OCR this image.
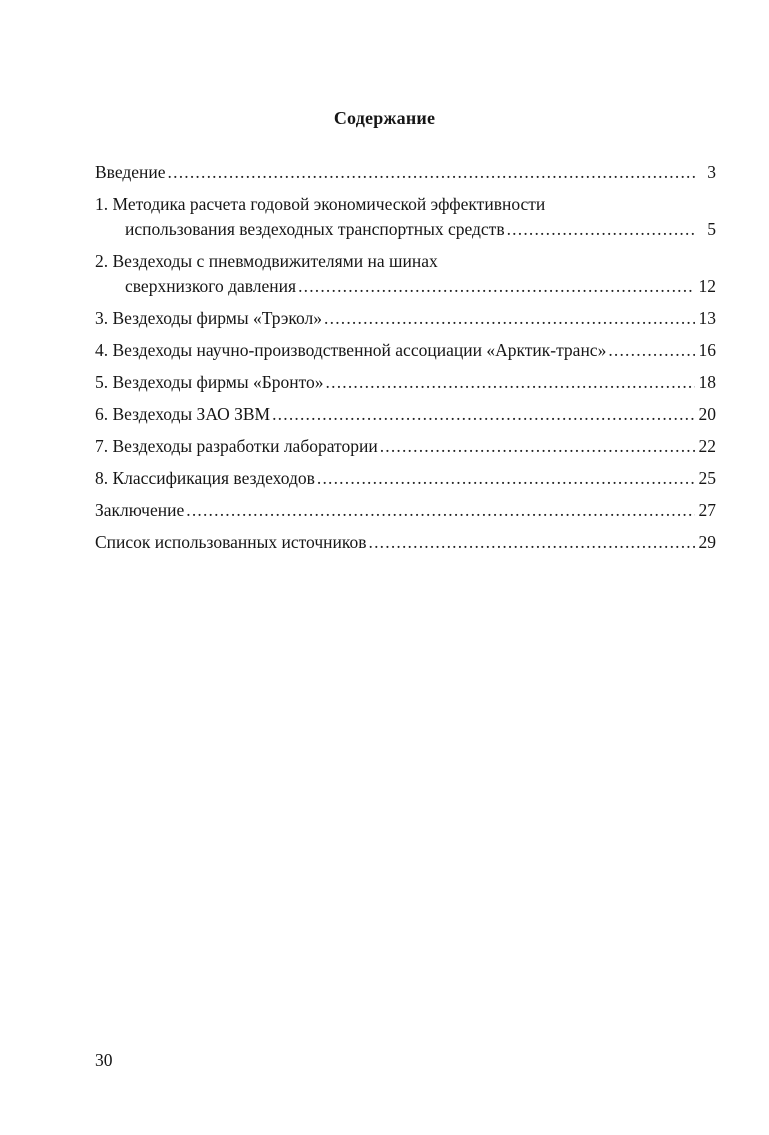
Содержание
Введение .....	3
1. Методика расчета годовой экономической эффективности
использования вездеходных транспортных средств .....	5
2. Вездеходы с пневмодвижителями на шинах
сверхнизкого давления .....	12
3. Вездеходы фирмы «Трэкол» .....	13
4. Вездеходы научно-производственной ассоциации «Арктик-транс» .....	16
5. Вездеходы фирмы «Бронто» .....	18
6. Вездеходы ЗАО ЗВМ .....	20
7. Вездеходы разработки лаборатории .....	22
8. Классификация вездеходов .....	25
Заключение .....	27
Список использованных источников .....	29
30
